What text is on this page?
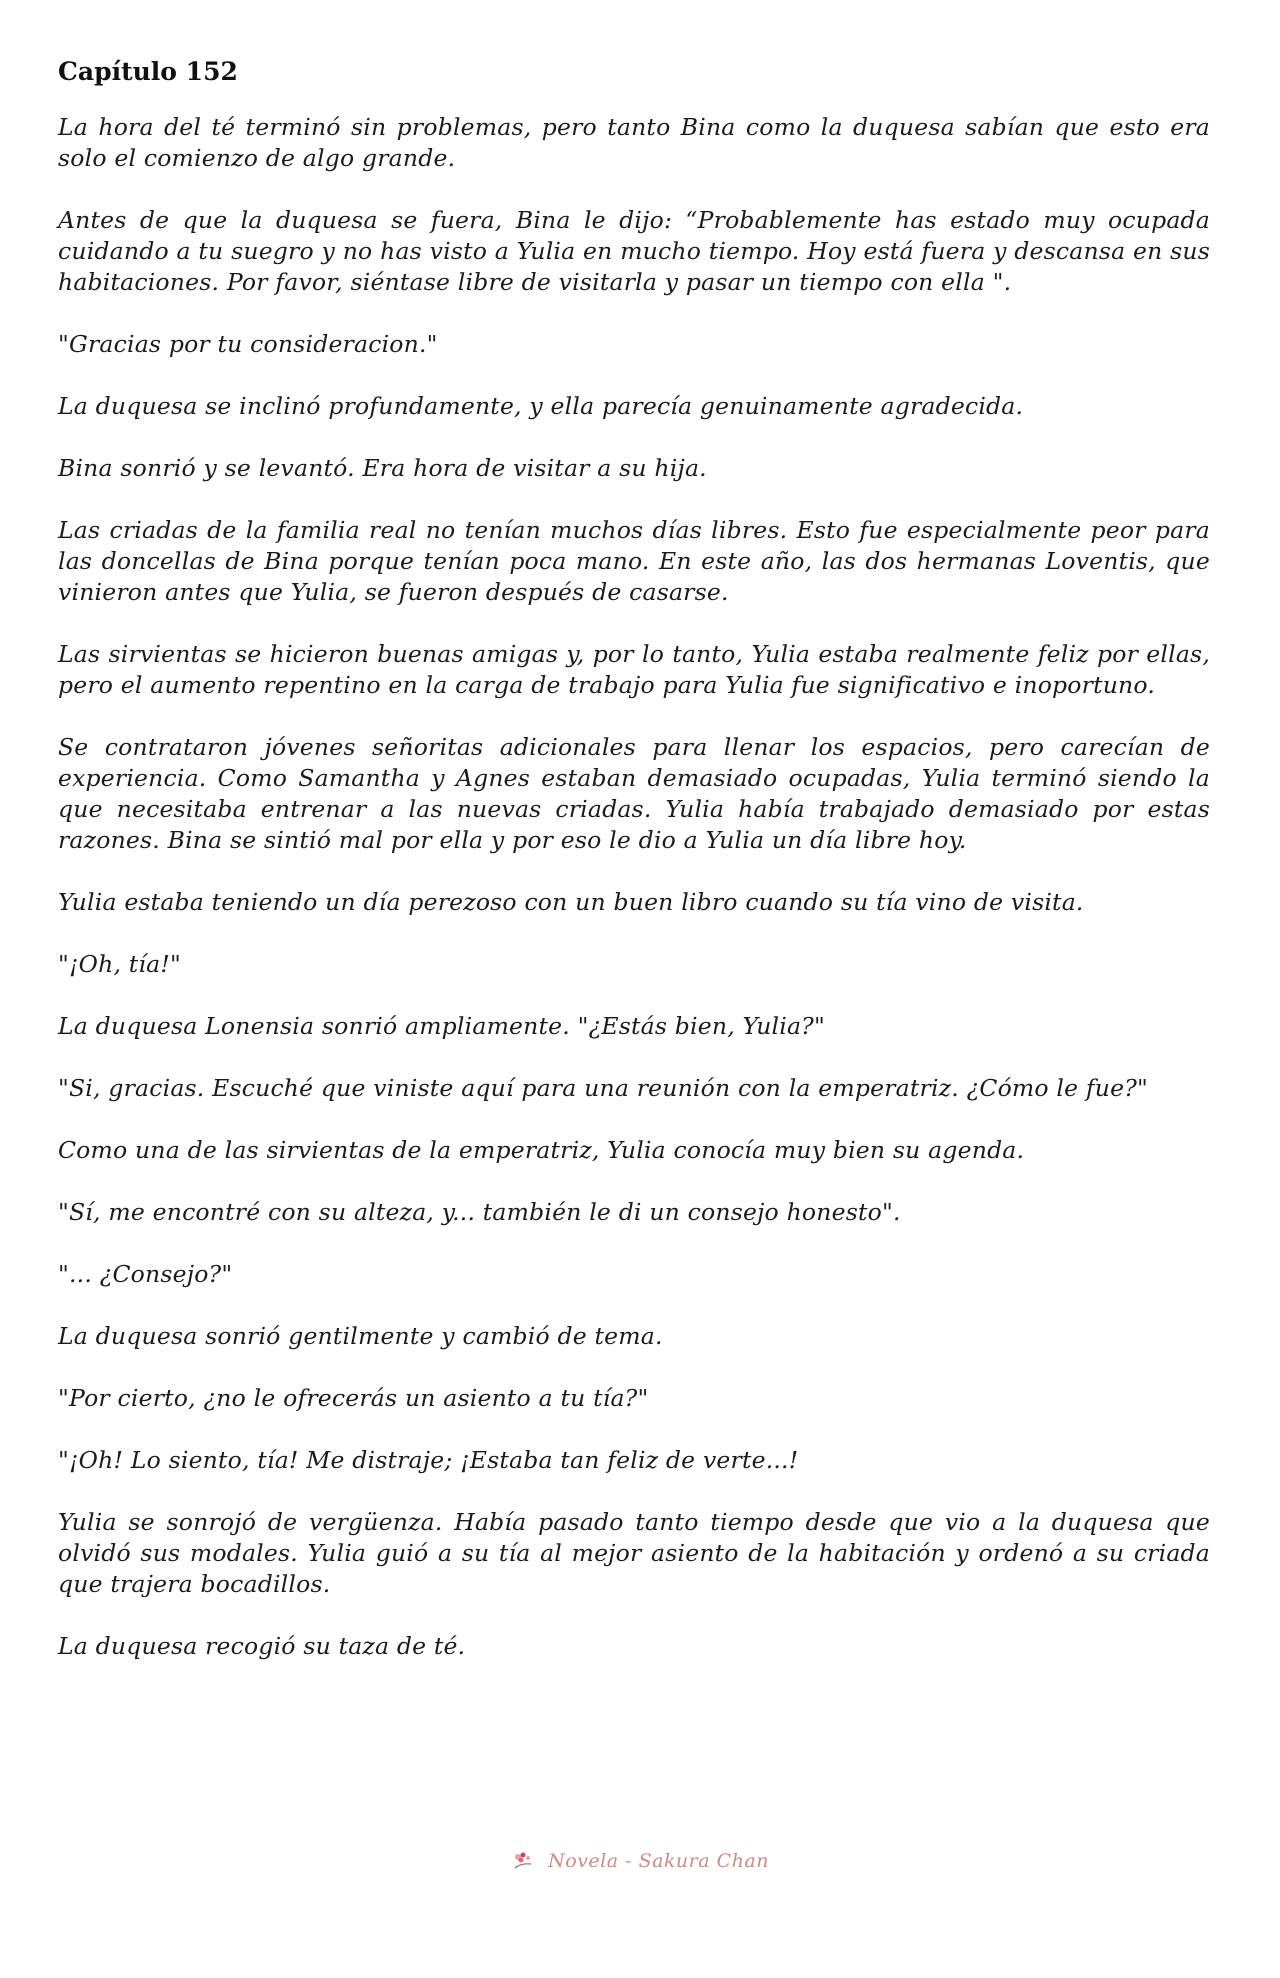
Capítulo 152

La hora del té terminó sin problemas, pero tanto Bina como la duquesa sabían que esto era solo el comienzo de algo grande.

Antes de que la duquesa se fuera, Bina le dijo: “Probablemente has estado muy ocupada cuidando a tu suegro y no has visto a Yulia en mucho tiempo. Hoy está fuera y descansa en sus habitaciones. Por favor, siéntase libre de visitarla y pasar un tiempo con ella ".

"Gracias por tu consideracion."

La duquesa se inclinó profundamente, y ella parecía genuinamente agradecida.

Bina sonrió y se levantó. Era hora de visitar a su hija.

Las criadas de la familia real no tenían muchos días libres. Esto fue especialmente peor para las doncellas de Bina porque tenían poca mano. En este año, las dos hermanas Loventis, que vinieron antes que Yulia, se fueron después de casarse.

Las sirvientas se hicieron buenas amigas y, por lo tanto, Yulia estaba realmente feliz por ellas, pero el aumento repentino en la carga de trabajo para Yulia fue significativo e inoportuno.

Se contrataron jóvenes señoritas adicionales para llenar los espacios, pero carecían de experiencia. Como Samantha y Agnes estaban demasiado ocupadas, Yulia terminó siendo la que necesitaba entrenar a las nuevas criadas. Yulia había trabajado demasiado por estas razones. Bina se sintió mal por ella y por eso le dio a Yulia un día libre hoy.

Yulia estaba teniendo un día perezoso con un buen libro cuando su tía vino de visita.

"¡Oh, tía!"

La duquesa Lonensia sonrió ampliamente. "¿Estás bien, Yulia?"

"Si, gracias. Escuché que viniste aquí para una reunión con la emperatriz. ¿Cómo le fue?"

Como una de las sirvientas de la emperatriz, Yulia conocía muy bien su agenda.

"Sí, me encontré con su alteza, y... también le di un consejo honesto".

"... ¿Consejo?"

La duquesa sonrió gentilmente y cambió de tema.

"Por cierto, ¿no le ofrecerás un asiento a tu tía?"

"¡Oh! Lo siento, tía! Me distraje; ¡Estaba tan feliz de verte...!

Yulia se sonrojó de vergüenza. Había pasado tanto tiempo desde que vio a la duquesa que olvidó sus modales. Yulia guió a su tía al mejor asiento de la habitación y ordenó a su criada que trajera bocadillos.

La duquesa recogió su taza de té.

Novela - Sakura Chan
